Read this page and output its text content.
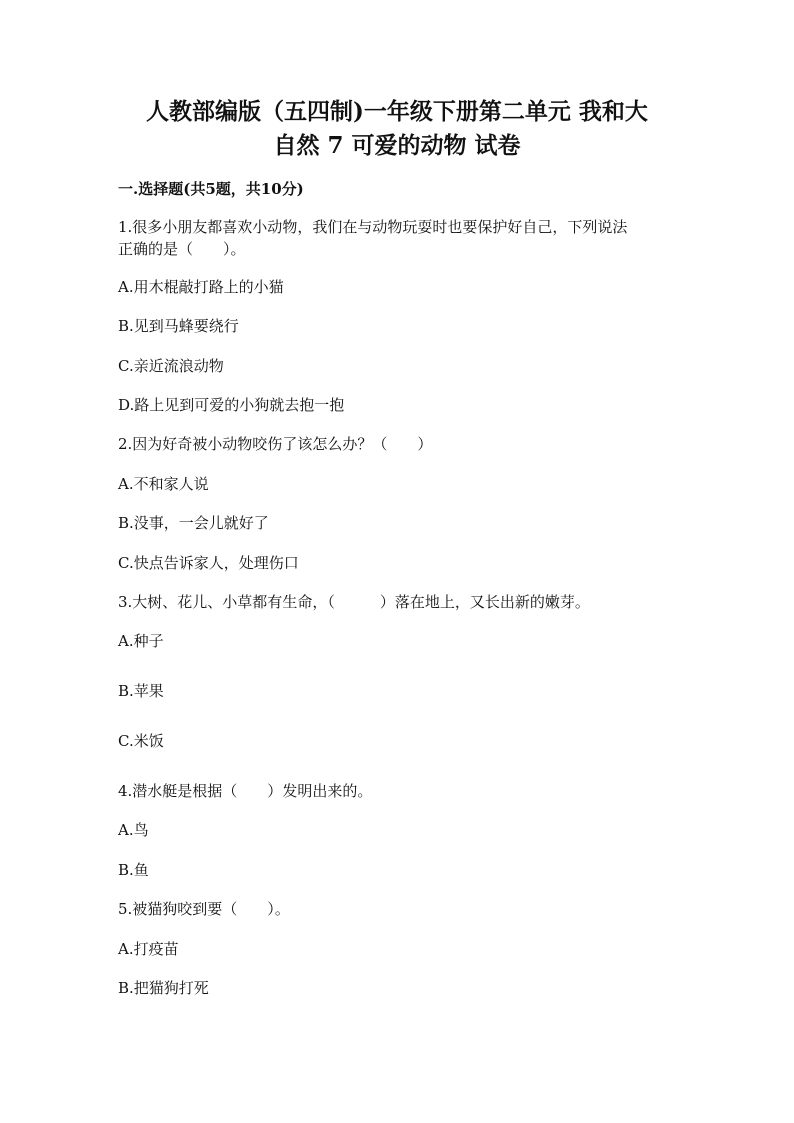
人教部编版（五四制)一年级下册第二单元 我和大
自然 7 可爱的动物 试卷
一.选择题(共5题，共10分)
1.很多小朋友都喜欢小动物，我们在与动物玩耍时也要保护好自己，下列说法
正确的是（　　）。
A.用木棍敲打路上的小猫
B.见到马蜂要绕行
C.亲近流浪动物
D.路上见到可爱的小狗就去抱一抱
2.因为好奇被小动物咬伤了该怎么办？（　　）
A.不和家人说
B.没事，一会儿就好了
C.快点告诉家人，处理伤口
3.大树、花儿、小草都有生命，（　　　）落在地上，又长出新的嫩芽。
A.种子
B.苹果
C.米饭
4.潜水艇是根据（　　）发明出来的。
A.鸟
B.鱼
5.被猫狗咬到要（　　）。
A.打疫苗
B.把猫狗打死
